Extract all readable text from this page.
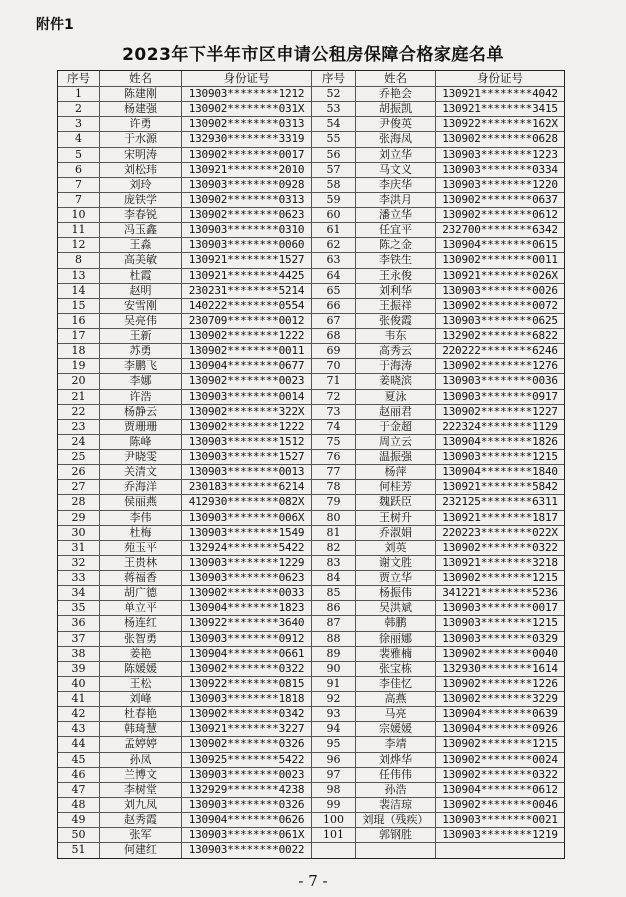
附件1
2023年下半年市区申请公租房保障合格家庭名单
序号	姓名	身份证号	序号	姓名	身份证号
1	陈建刚	130903********1212	52	乔艳会	130921********4042
2	杨建强	130902********031X	53	胡振凯	130921********3415
3	许勇	130902********0313	54	尹俊英	130922********162X
4	于水源	132930********3319	55	张海凤	130902********0628
5	宋明涛	130902********0017	56	刘立华	130903********1223
6	刘松玮	130921********2010	57	马文义	130903********0334
7	刘玲	130903********0928	58	李庆华	130903********1220
7	庞铁学	130902********0313	59	李洪月	130902********0637
10	李春锐	130902********0623	60	潘立华	130902********0612
11	冯玉鑫	130903********0310	61	任宜平	232700********6342
12	王淼	130903********0060	62	陈之金	130904********0615
8	高美敏	130921********1527	63	李铁生	130902********0011
13	杜霞	130921********4425	64	王永俊	130921********026X
14	赵明	230231********5214	65	刘利华	130903********0026
15	安雪刚	140222********0554	66	王振祥	130902********0072
16	吴亮伟	230709********0012	67	张俊霞	130903********0625
17	王新	130902********1222	68	韦东	132902********6822
18	苏勇	130902********0011	69	高秀云	220222********6246
19	李鹏飞	130904********0677	70	于海涛	130902********1276
20	李娜	130902********0023	71	姜晓滨	130903********0036
21	许浩	130903********0014	72	夏泳	130903********0917
22	杨静云	130902********322X	73	赵丽君	130902********1227
23	贾珊珊	130902********1222	74	于金超	222324********1129
24	陈峰	130903********1512	75	周立云	130904********1826
25	尹晓雯	130903********1527	76	温振强	130903********1215
26	关清文	130903********0013	77	杨萍	130904********1840
27	乔海洋	230183********6214	78	何桂芳	130921********5842
28	侯丽燕	412930********082X	79	魏跃臣	232125********6311
29	李伟	130903********006X	80	王树升	130921********1817
30	杜梅	130903********1549	81	乔淑娟	220223********022X
31	苑玉平	132924********5422	82	刘英	130902********0322
32	王贵林	130903********1229	83	谢文胜	130921********3218
33	蒋福香	130903********0623	84	贾立华	130902********1215
34	胡广德	130902********0033	85	杨振伟	341221********5236
35	单立平	130904********1823	86	吴洪斌	130903********0017
36	杨连红	130922********3640	87	韩鹏	130903********1215
37	张智勇	130903********0912	88	徐丽娜	130903********0329
38	姜艳	130904********0661	89	裴雅楠	130902********0040
39	陈媛媛	130902********0322	90	张宝栋	132930********1614
40	王松	130922********0815	91	李佳忆	130902********1226
41	刘峰	130903********1818	92	高燕	130902********3229
42	杜春艳	130902********0342	93	马亮	130904********0639
43	韩琦慧	130921********3227	94	宗媛媛	130904********0926
44	孟婷婷	130902********0326	95	李靖	130902********1215
45	孙凤	130925********5422	96	刘烨华	130902********0024
46	兰博文	130903********0023	97	任伟伟	130902********0322
47	李树堂	132929********4238	98	孙浩	130904********0612
48	刘九凤	130903********0326	99	裴洁琼	130902********0046
49	赵秀霞	130904********0626	100	刘琨（残疾）	130903********0021
50	张军	130903********061X	101	郭钢胜	130903********1219
51	何建红	130903********0022
- 7 -
